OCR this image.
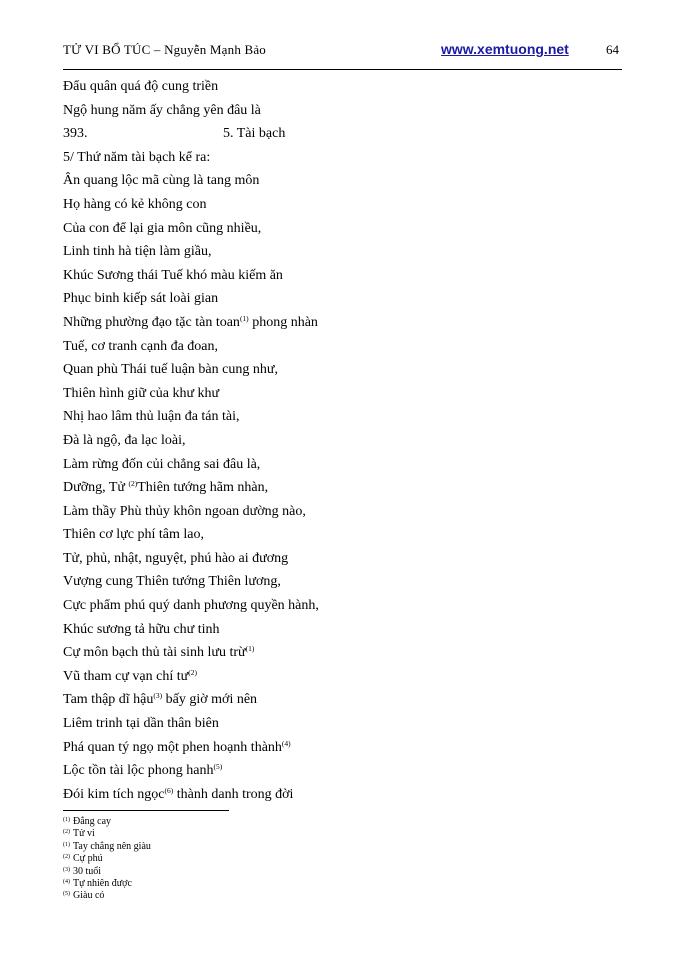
TỬ VI BỔ TÚC – Nguyễn Mạnh Bảo	www.xemtuong.net	64
Đẩu quân quá độ cung triền
Ngộ hung năm ấy chẳng yên đâu là
393.	5. Tài bạch
5/ Thứ năm tài bạch kể ra:
Ân quang lộc mã cùng là tang môn
Họ hàng có kẻ không con
Của con để lại gia môn cũng nhiều,
Linh tinh hà tiện làm giầu,
Khúc Sương thái Tuế khó màu kiếm ăn
Phục binh kiếp sát loài gian
Những phường đạo tặc tàn toan$^{(1)}$ phong nhàn
Tuế, cơ tranh cạnh đa đoan,
Quan phù Thái tuế luận bàn cung như,
Thiên hình giữ của khư khư
Nhị hao lâm thủ luận đa tán tài,
Đà là ngộ, đa lạc loài,
Làm rừng đốn củi chẳng sai đâu là,
Dưỡng, Tử $^{(2)}$Thiên tướng hãm nhàn,
Làm thầy Phù thủy khôn ngoan dường nào,
Thiên cơ lực phí tâm lao,
Tử, phủ, nhật, nguyệt, phú hào ai đương
Vượng cung Thiên tướng Thiên lương,
Cực phẩm phú quý danh phương quyền hành,
Khúc sương tả hữu chư tinh
Cự môn bạch thủ tài sinh lưu trừ$^{(1)}$
Vũ tham cự vạn chí tư$^{(2)}$
Tam thập dĩ hậu$^{(3)}$ bấy giờ mới nên
Liêm trinh tại dần thân biên
Phá quan tý ngọ một phen hoạnh thành$^{(4)}$
Lộc tồn tài lộc phong hanh$^{(5)}$
Đói kim tích ngọc$^{(6)}$ thành danh trong đời
$^{(1)}$ Đắng cay
$^{(2)}$ Tử vi
$^{(1)}$ Tay chẳng nên giàu
$^{(2)}$ Cự phú
$^{(3)}$ 30 tuổi
$^{(4)}$ Tự nhiên được
$^{(5)}$ Giàu có
